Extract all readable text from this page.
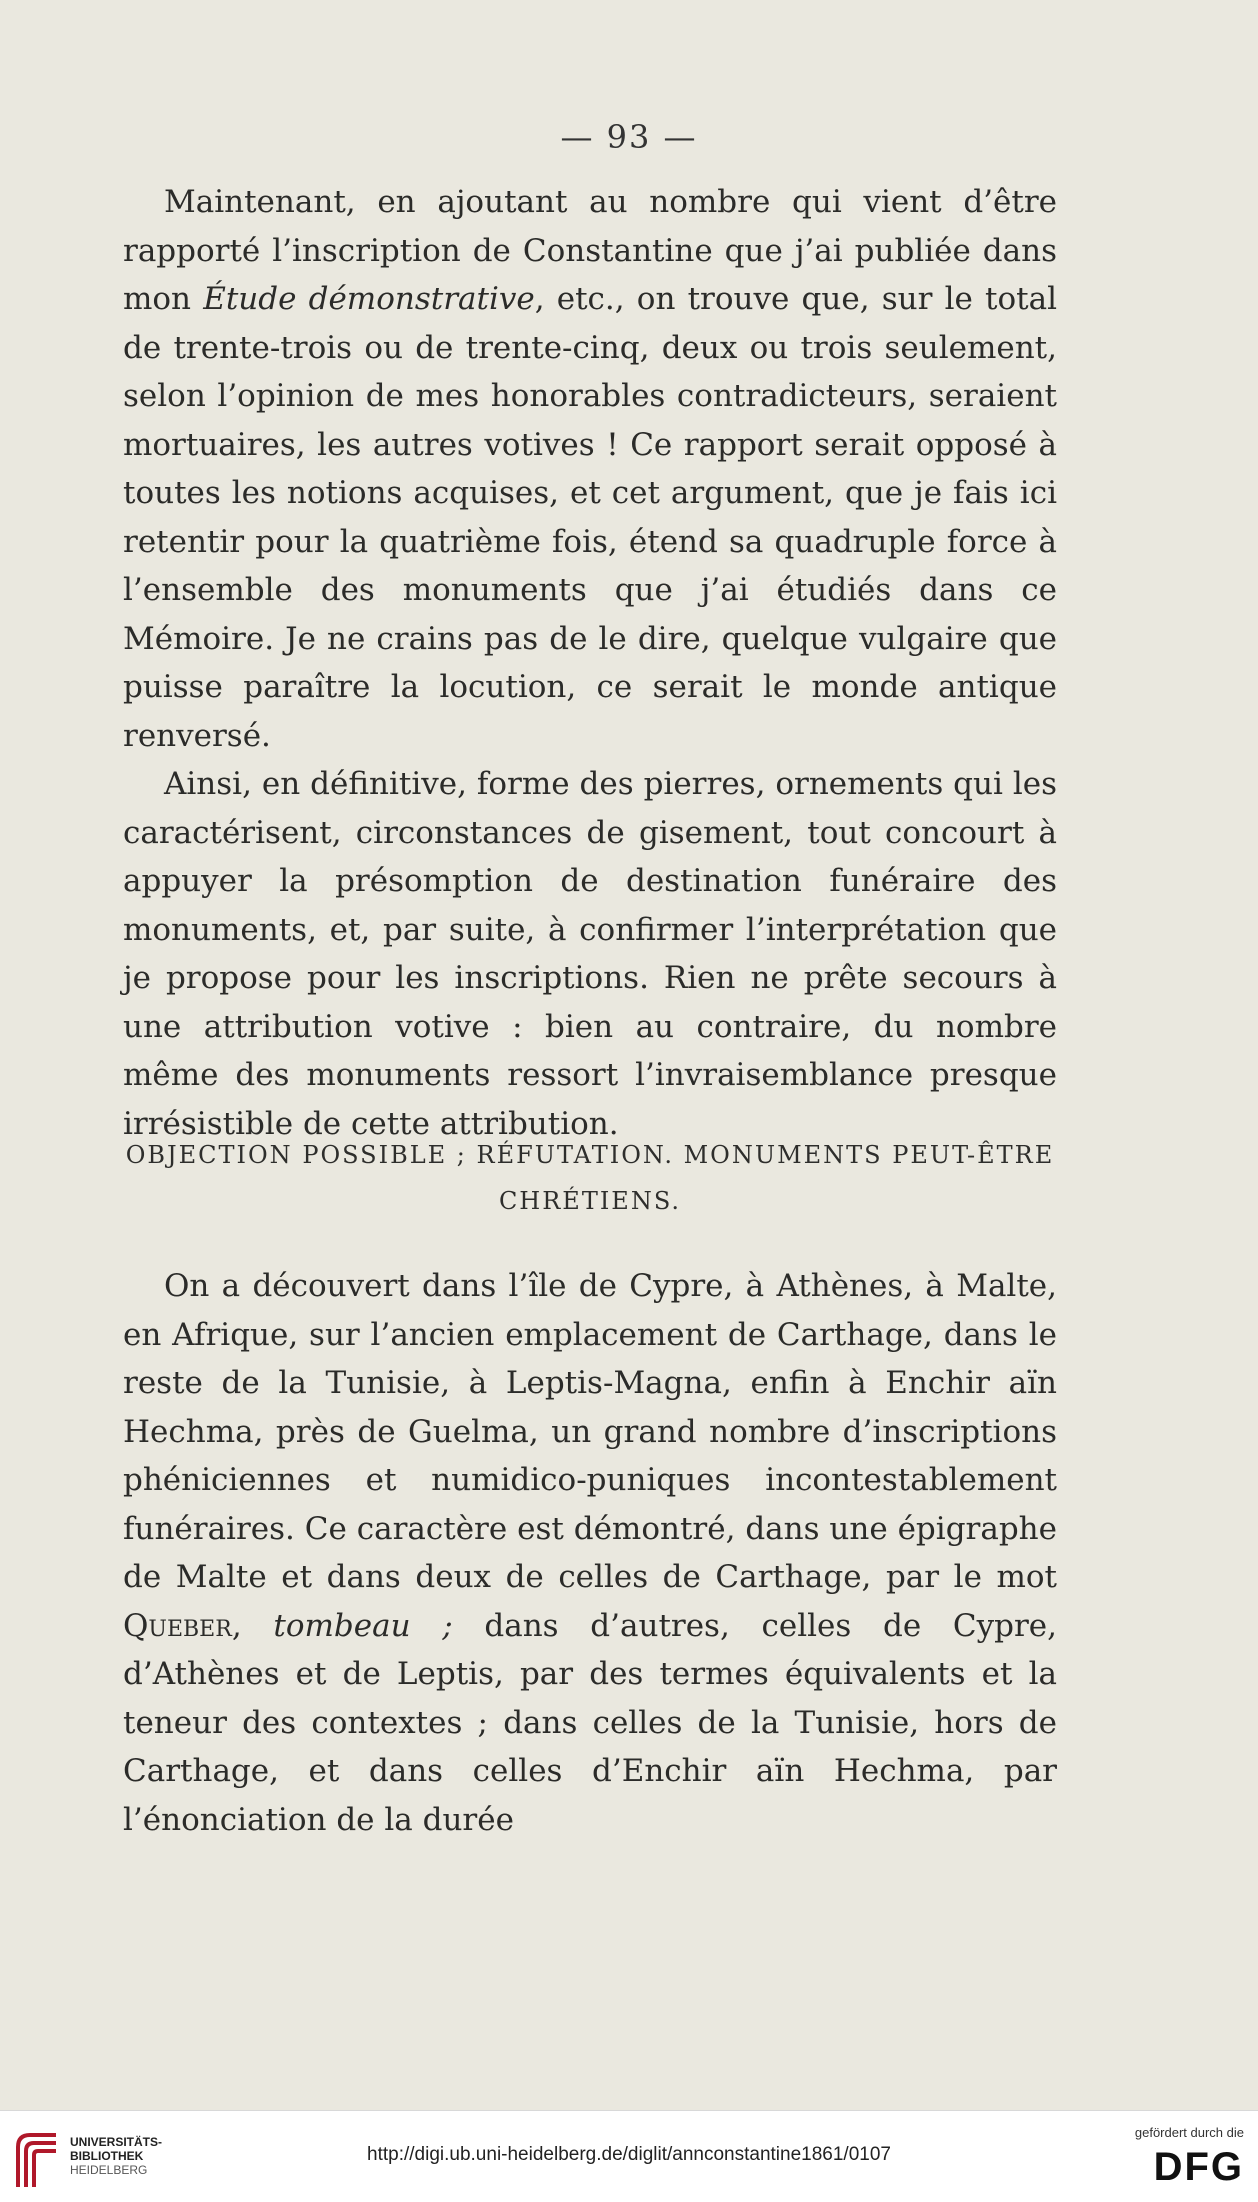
— 93 —

Maintenant, en ajoutant au nombre qui vient d’être rapporté l’inscription de Constantine que j’ai publiée dans mon Étude démonstrative, etc., on trouve que, sur le total de trente-trois ou de trente-cinq, deux ou trois seulement, selon l’opinion de mes honorables contradicteurs, seraient mortuaires, les autres votives ! Ce rapport serait opposé à toutes les notions acquises, et cet argument, que je fais ici retentir pour la quatrième fois, étend sa quadruple force à l’ensemble des monuments que j’ai étudiés dans ce Mémoire. Je ne crains pas de le dire, quelque vulgaire que puisse paraître la locution, ce serait le monde antique renversé.

Ainsi, en définitive, forme des pierres, ornements qui les caractérisent, circonstances de gisement, tout concourt à appuyer la présomption de destination funéraire des monuments, et, par suite, à confirmer l’interprétation que je propose pour les inscriptions. Rien ne prête secours à une attribution votive : bien au contraire, du nombre même des monuments ressort l’invraisemblance presque irrésistible de cette attribution.

OBJECTION POSSIBLE ; RÉFUTATION. MONUMENTS PEUT-ÊTRE
CHRÉTIENS.

On a découvert dans l’île de Cypre, à Athènes, à Malte, en Afrique, sur l’ancien emplacement de Carthage, dans le reste de la Tunisie, à Leptis-Magna, enfin à Enchir aïn Hechma, près de Guelma, un grand nombre d’inscriptions phéniciennes et numidico-puniques incontestablement funéraires. Ce caractère est démontré, dans une épigraphe de Malte et dans deux de celles de Carthage, par le mot Queber, tombeau ; dans d’autres, celles de Cypre, d’Athènes et de Leptis, par des termes équivalents et la teneur des contextes ; dans celles de la Tunisie, hors de Carthage, et dans celles d’Enchir aïn Hechma, par l’énonciation de la durée

UNIVERSITÄTS-
BIBLIOTHEK
HEIDELBERG
http://digi.ub.uni-heidelberg.de/diglit/annconstantine1861/0107
gefördert durch die
DFG
